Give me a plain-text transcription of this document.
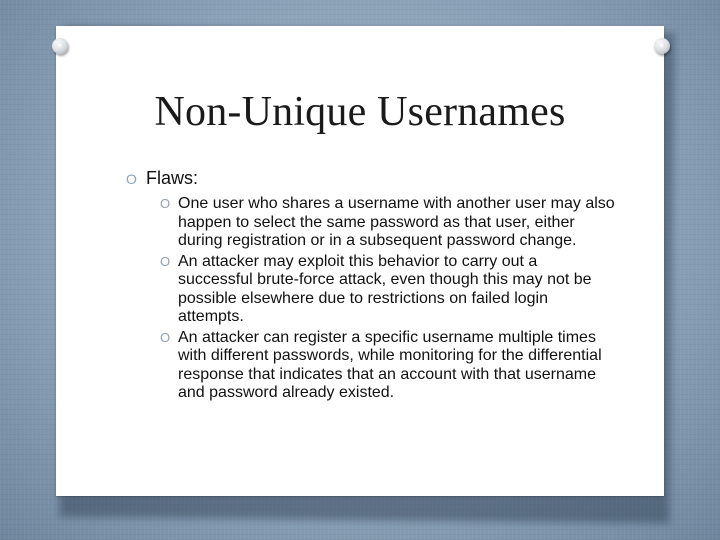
Non-Unique Usernames
O Flaws:
O One user who shares a username with another user may also happen to select the same password as that user, either during registration or in a subsequent password change.
O An attacker may exploit this behavior to carry out a successful brute-force attack, even though this may not be possible elsewhere due to restrictions on failed login attempts.
O An attacker can register a specific username multiple times with different passwords, while monitoring for the differential response that indicates that an account with that username and password already existed.
